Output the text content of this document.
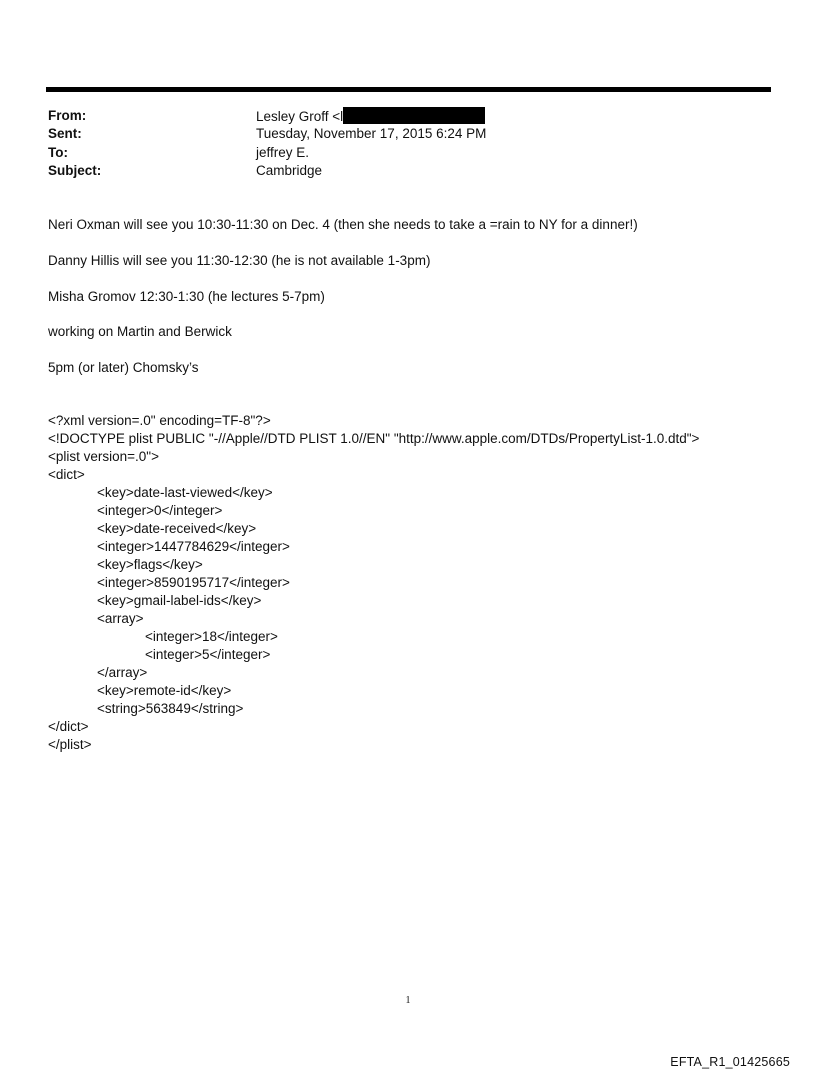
From:	Lesley Groff <l
Sent:	Tuesday, November 17, 2015 6:24 PM
To:	jeffrey E.
Subject:	Cambridge
Neri Oxman will see you 10:30-11:30 on Dec. 4 (then she needs to take a =rain to NY for a dinner!)
Danny Hillis will see you 11:30-12:30 (he is not available 1-3pm)
Misha Gromov 12:30-1:30 (he lectures 5-7pm)
working on Martin and Berwick
5pm (or later) Chomsky’s
<?xml version=.0" encoding=TF-8"?>
<!DOCTYPE plist PUBLIC "-//Apple//DTD PLIST 1.0//EN" "http://www.apple.com/DTDs/PropertyList-1.0.dtd">
<plist version=.0">
<dict>
<key>date-last-viewed</key>
<integer>0</integer>
<key>date-received</key>
<integer>1447784629</integer>
<key>flags</key>
<integer>8590195717</integer>
<key>gmail-label-ids</key>
<array>
<integer>18</integer>
<integer>5</integer>
</array>
<key>remote-id</key>
<string>563849</string>
</dict>
</plist>
1
EFTA_R1_01425665
